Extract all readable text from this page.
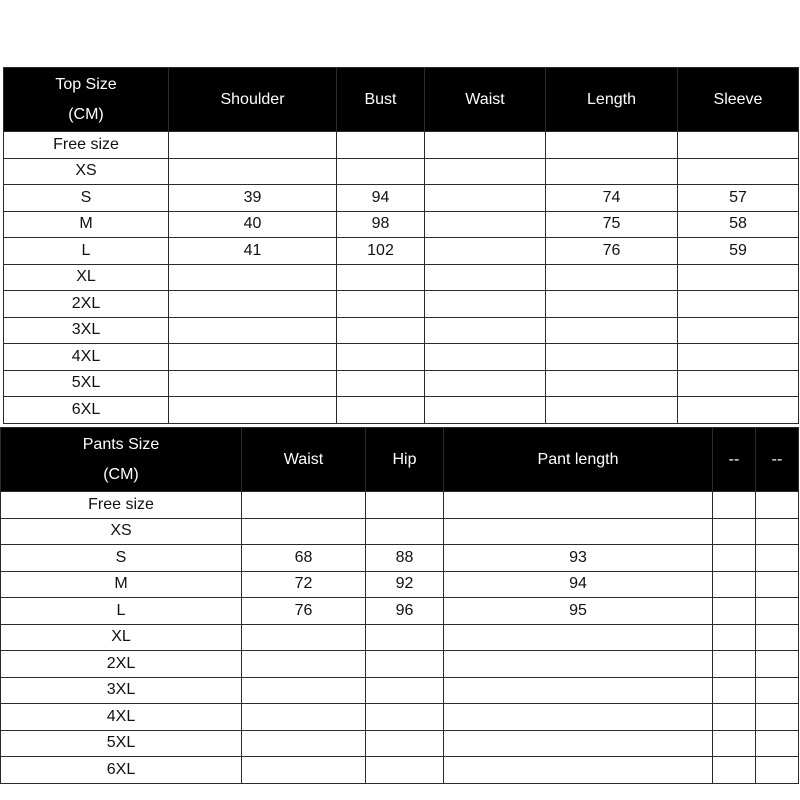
Top Size
(CM)	Shoulder	Bust	Waist	Length	Sleeve
Free size					
XS					
S	39	94		74	57
M	40	98		75	58
L	41	102		76	59
XL					
2XL					
3XL					
4XL					
5XL					
6XL					
Pants Size
(CM)	Waist	Hip	Pant length	--	--
Free size					
XS					
S	68	88	93		
M	72	92	94		
L	76	96	95		
XL					
2XL					
3XL					
4XL					
5XL					
6XL					
